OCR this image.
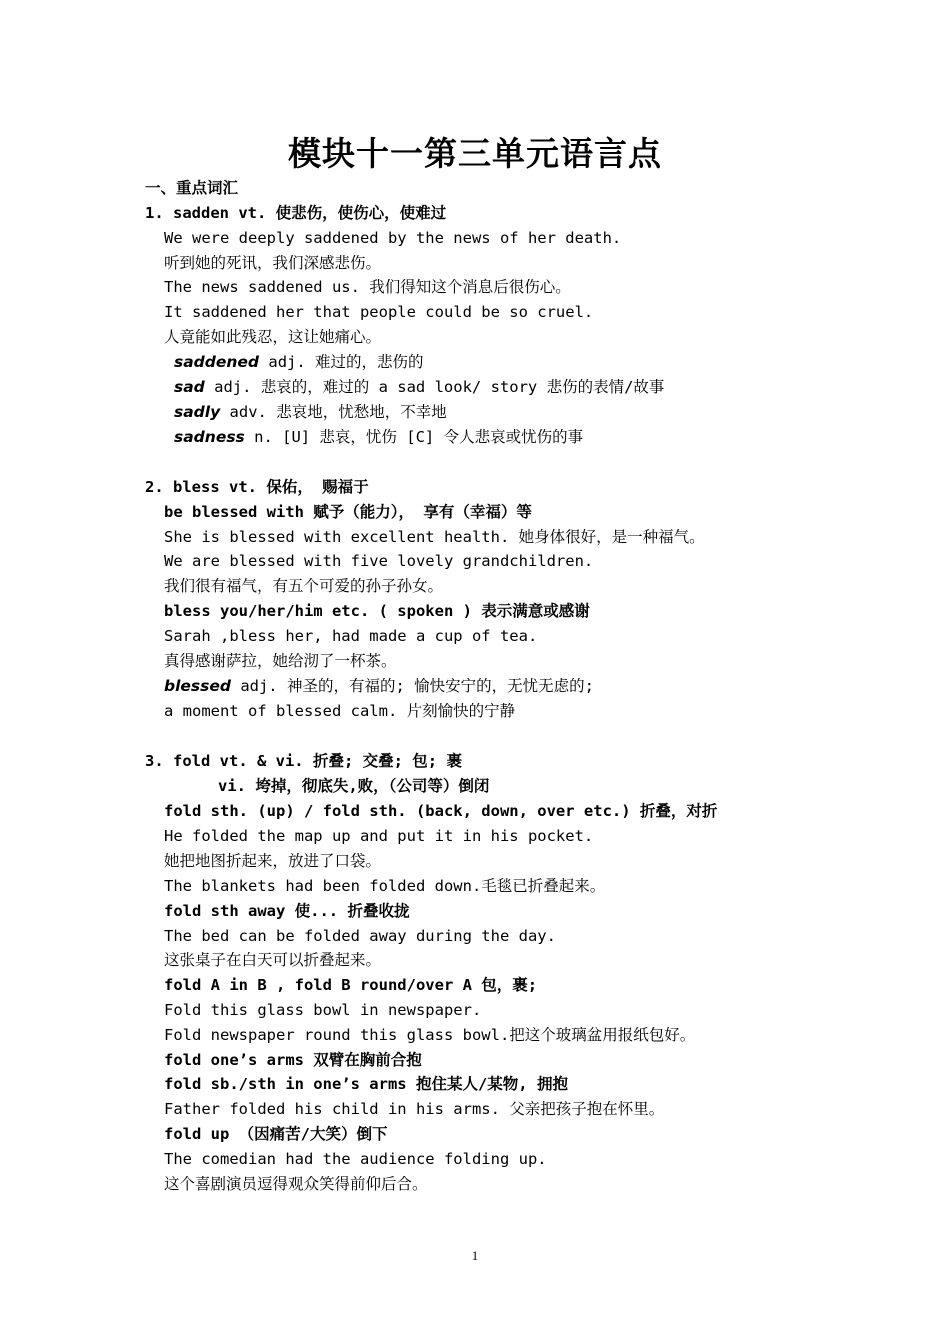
模块十一第三单元语言点
一、重点词汇
1. sadden vt. 使悲伤，使伤心，使难过
We were deeply saddened by the news of her death.
听到她的死讯，我们深感悲伤。
The news saddened us. 我们得知这个消息后很伤心。
It saddened her that people could be so cruel.
人竟能如此残忍，这让她痛心。
saddened adj. 难过的，悲伤的
sad adj. 悲哀的，难过的 a sad look/ story 悲伤的表情/故事
sadly adv. 悲哀地，忧愁地，不幸地
sadness n. [U] 悲哀，忧伤 [C] 令人悲哀或忧伤的事
2. bless vt. 保佑， 赐福于
be blessed with 赋予（能力）， 享有（幸福）等
She is blessed with excellent health. 她身体很好，是一种福气。
We are blessed with five lovely grandchildren.
我们很有福气，有五个可爱的孙子孙女。
bless you/her/him etc. ( spoken ) 表示满意或感谢
Sarah ,bless her, had made a cup of tea.
真得感谢萨拉，她给沏了一杯茶。
blessed adj. 神圣的，有福的; 愉快安宁的，无忧无虑的;
a moment of blessed calm. 片刻愉快的宁静
3. fold vt. & vi. 折叠; 交叠; 包; 裹
vi. 垮掉，彻底失,败，（公司等）倒闭
fold sth. (up) / fold sth. (back, down, over etc.) 折叠，对折
He folded the map up and put it in his pocket.
她把地图折起来，放进了口袋。
The blankets had been folded down.毛毯已折叠起来。
fold sth away 使... 折叠收拢
The bed can be folded away during the day.
这张桌子在白天可以折叠起来。
fold A in B , fold B round/over A 包，裹;
Fold this glass bowl in newspaper.
Fold newspaper round this glass bowl.把这个玻璃盆用报纸包好。
fold one’s arms 双臂在胸前合抱
fold sb./sth in one’s arms 抱住某人/某物, 拥抱
Father folded his child in his arms. 父亲把孩子抱在怀里。
fold up （因痛苦/大笑）倒下
The comedian had the audience folding up.
这个喜剧演员逗得观众笑得前仰后合。
1
